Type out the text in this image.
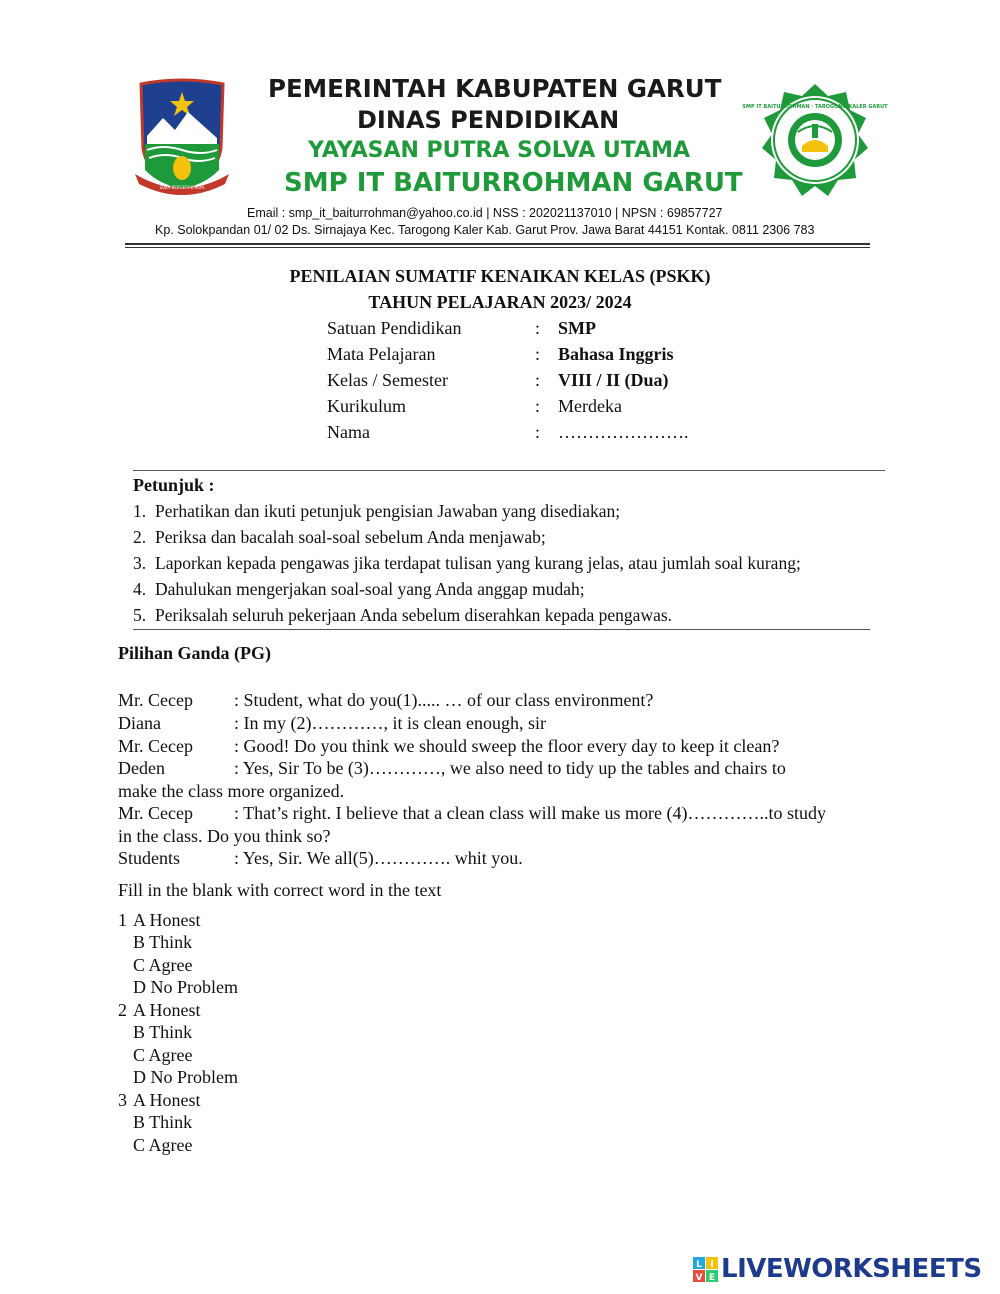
SUKA BERGERAK RAYA
PEMERINTAH KABUPATEN GARUT
DINAS PENDIDIKAN
YAYASAN PUTRA SOLVA UTAMA
SMP IT BAITURROHMAN GARUT
Email : smp_it_baiturrohman@yahoo.co.id | NSS : 202021137010 | NPSN : 69857727
Kp. Solokpandan 01/ 02 Ds. Sirnajaya Kec. Tarogong Kaler Kab. Garut Prov. Jawa Barat 44151 Kontak. 0811 2306 783
SMP IT BAITURROHMAN · TAROGONG KALER GARUT
PENILAIAN SUMATIF KENAIKAN KELAS (PSKK)
TAHUN PELAJARAN 2023/ 2024
Satuan Pendidikan	: SMP
Mata Pelajaran	: Bahasa Inggris
Kelas / Semester	: VIII / II (Dua)
Kurikulum	: Merdeka
Nama	: ………………….
Petunjuk :
1. Perhatikan dan ikuti petunjuk pengisian Jawaban yang disediakan;
2. Periksa dan bacalah soal-soal sebelum Anda menjawab;
3. Laporkan kepada pengawas jika terdapat tulisan yang kurang jelas, atau jumlah soal kurang;
4. Dahulukan mengerjakan soal-soal yang Anda anggap mudah;
5. Periksalah seluruh pekerjaan Anda sebelum diserahkan kepada pengawas.
Pilihan Ganda (PG)
Mr. Cecep : Student, what do you(1)..... … of our class environment?
Diana	: In my (2)…………, it is clean enough, sir
Mr. Cecep : Good! Do you think we should sweep the floor every day to keep it clean?
Deden	: Yes, Sir To be (3)…………, we also need to tidy up the tables and chairs to
make the class more organized.
Mr. Cecep : That’s right. I believe that a clean class will make us more (4)…………..to study
in the class. Do you think so?
Students	: Yes, Sir. We all(5)…………. whit you.
Fill in the blank with correct word in the text
1 A Honest
B Think
C Agree
D No Problem
2 A Honest
B Think
C Agree
D No Problem
3 A Honest
B Think
C Agree
L I
V E LIVEWORKSHEETS
